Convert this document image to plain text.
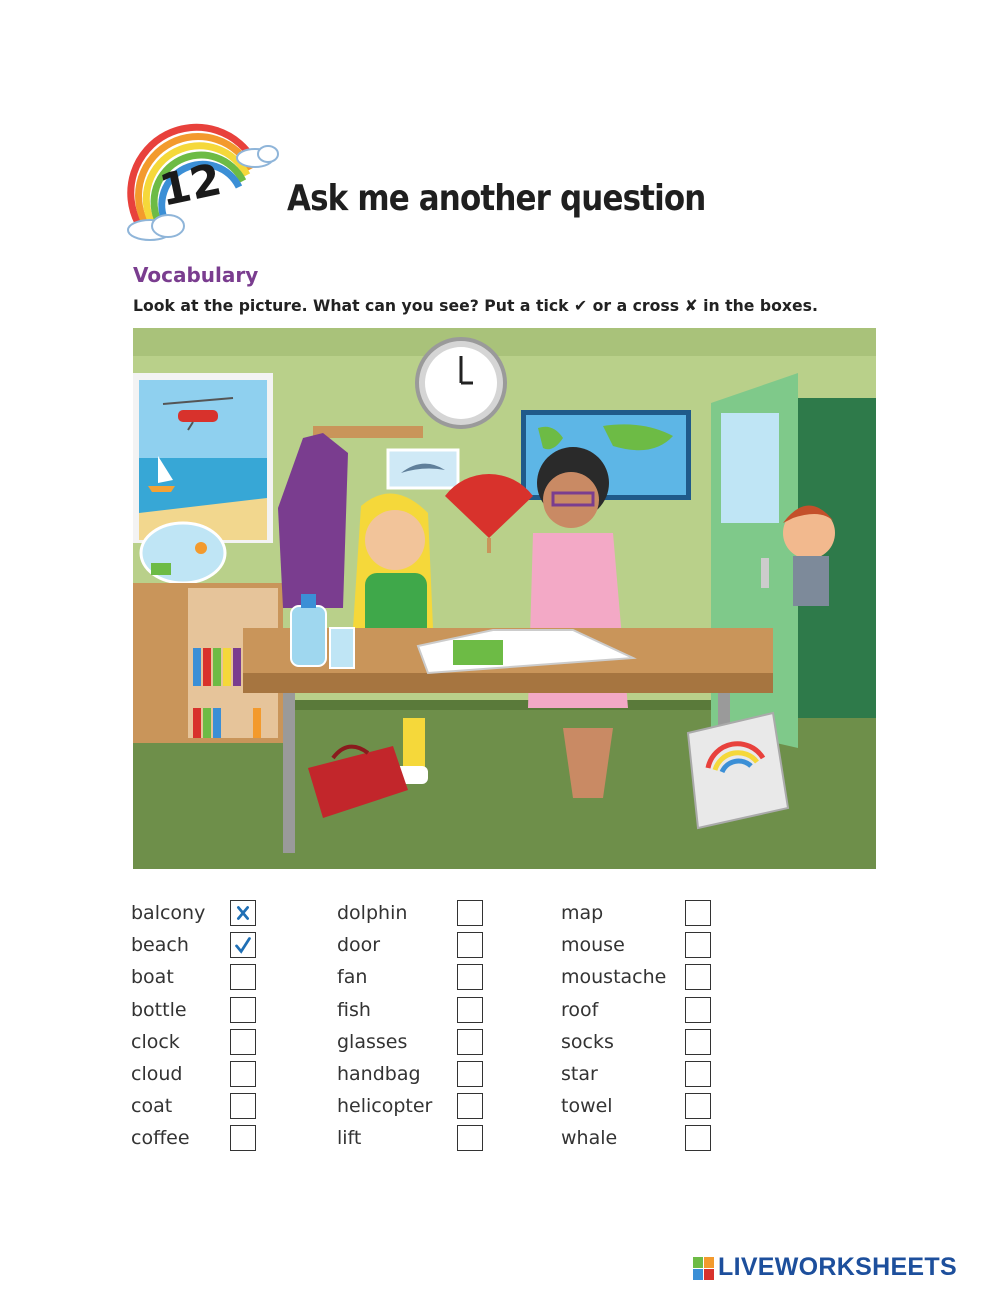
12 Ask me another question
Vocabulary
Look at the picture. What can you see? Put a tick ✔ or a cross ✘ in the boxes.
balcony
beach
boat
bottle
clock
cloud
coat
coffee
dolphin
door
fan
fish
glasses
handbag
helicopter
lift
map
mouse
moustache
roof
socks
star
towel
whale
LIVEWORKSHEETS
